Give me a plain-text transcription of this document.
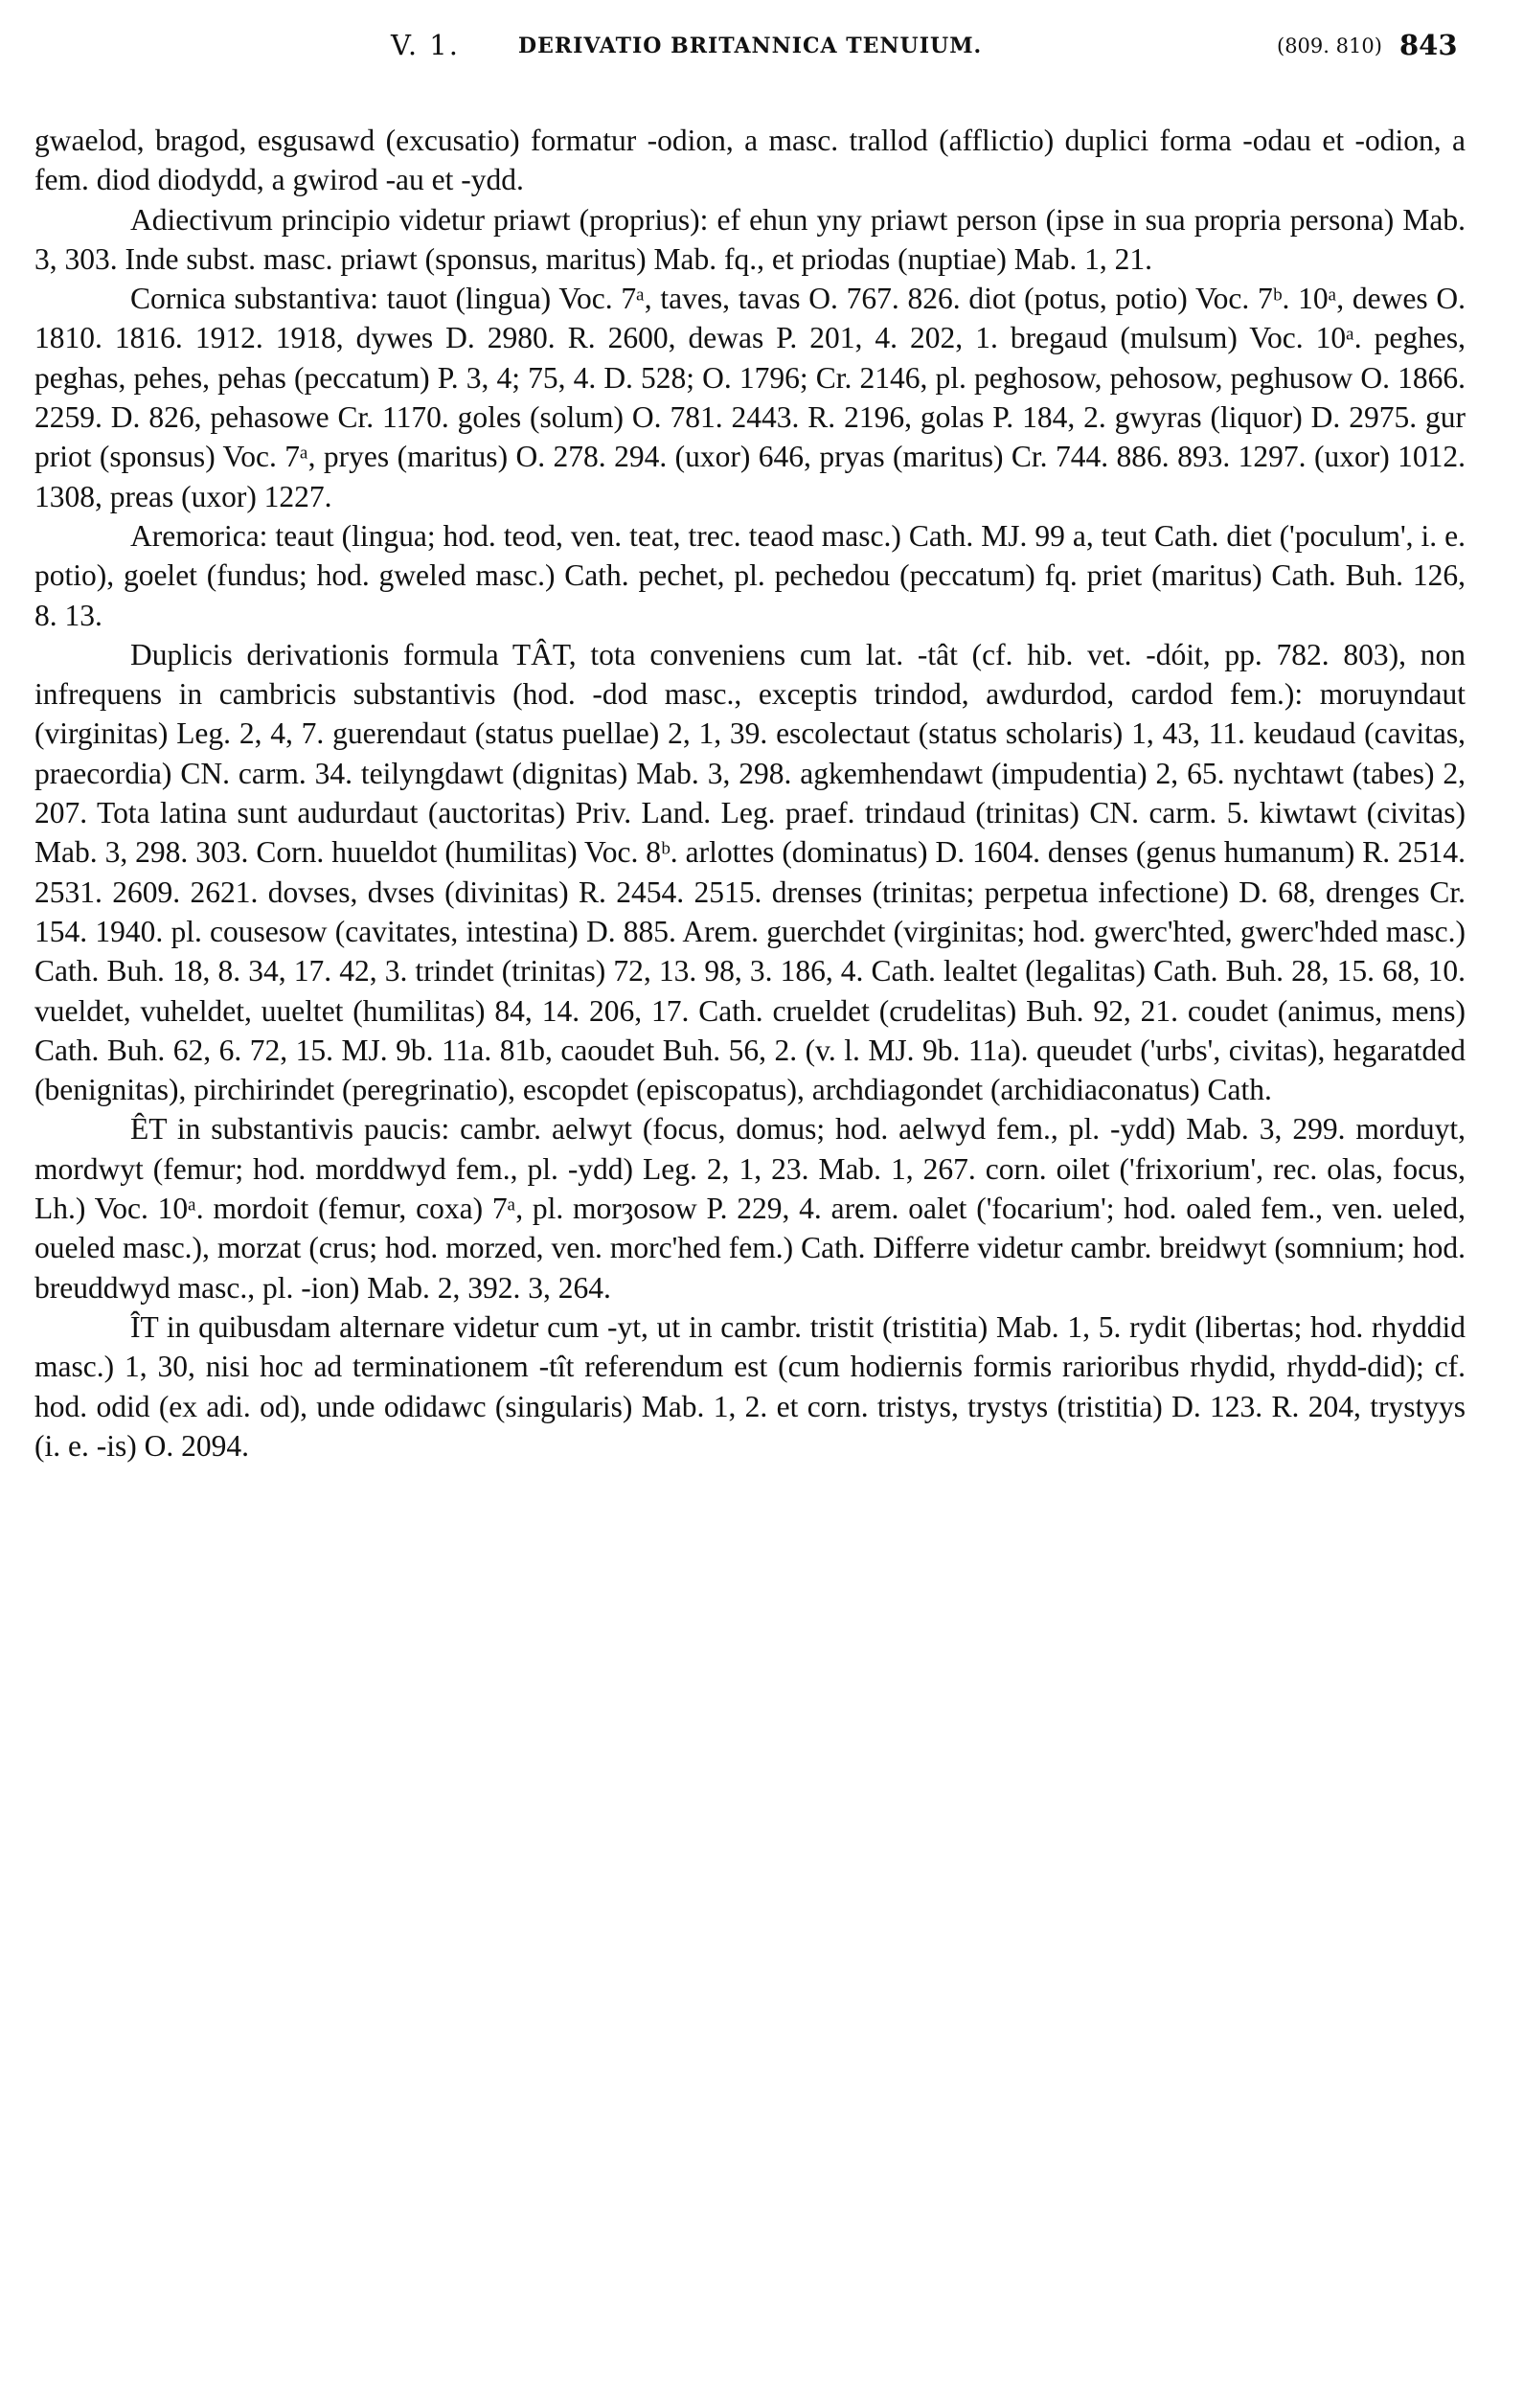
V. 1.	DERIVATIO BRITANNICA TENUIUM.	(809. 810) 843

gwaelod, bragod, esgusawd (excusatio) formatur -odion, a masc. trallod (afflictio) duplici forma -odau et -odion, a fem. diod diodydd, a gwirod -au et -ydd.

Adiectivum principio videtur priawt (proprius): ef ehun yny priawt person (ipse in sua propria persona) Mab. 3, 303. Inde subst. masc. priawt (sponsus, maritus) Mab. fq., et priodas (nuptiae) Mab. 1, 21.

Cornica substantiva: tauot (lingua) Voc. 7ᵃ, taves, tavas O. 767. 826. diot (potus, potio) Voc. 7ᵇ. 10ᵃ, dewes O. 1810. 1816. 1912. 1918, dywes D. 2980. R. 2600, dewas P. 201, 4. 202, 1. bregaud (mulsum) Voc. 10ᵃ. peghes, peghas, pehes, pehas (peccatum) P. 3, 4; 75, 4. D. 528; O. 1796; Cr. 2146, pl. peghosow, pehosow, peghusow O. 1866. 2259. D. 826, pehasowe Cr. 1170. goles (solum) O. 781. 2443. R. 2196, golas P. 184, 2. gwyras (liquor) D. 2975. gur priot (sponsus) Voc. 7ᵃ, pryes (maritus) O. 278. 294. (uxor) 646, pryas (maritus) Cr. 744. 886. 893. 1297. (uxor) 1012. 1308, preas (uxor) 1227.

Aremorica: teaut (lingua; hod. teod, ven. teat, trec. teaod masc.) Cath. MJ. 99 a, teut Cath. diet ('poculum', i. e. potio), goelet (fundus; hod. gweled masc.) Cath. pechet, pl. pechedou (peccatum) fq. priet (maritus) Cath. Buh. 126, 8. 13.

Duplicis derivationis formula TÂT, tota conveniens cum lat. -tât (cf. hib. vet. -dóit, pp. 782. 803), non infrequens in cambricis substantivis (hod. -dod masc., exceptis trindod, awdurdod, cardod fem.): moruyndaut (virginitas) Leg. 2, 4, 7. guerendaut (status puellae) 2, 1, 39. escolectaut (status scholaris) 1, 43, 11. keudaud (cavitas, praecordia) CN. carm. 34. teilyngdawt (dignitas) Mab. 3, 298. agkemhendawt (impudentia) 2, 65. nychtawt (tabes) 2, 207. Tota latina sunt audurdaut (auctoritas) Priv. Land. Leg. praef. trindaud (trinitas) CN. carm. 5. kiwtawt (civitas) Mab. 3, 298. 303. Corn. huueldot (humilitas) Voc. 8ᵇ. arlottes (dominatus) D. 1604. denses (genus humanum) R. 2514. 2531. 2609. 2621. dovses, dvses (divinitas) R. 2454. 2515. drenses (trinitas; perpetua infectione) D. 68, drenges Cr. 154. 1940. pl. cousesow (cavitates, intestina) D. 885. Arem. guerchdet (virginitas; hod. gwerc'hted, gwerc'hded masc.) Cath. Buh. 18, 8. 34, 17. 42, 3. trindet (trinitas) 72, 13. 98, 3. 186, 4. Cath. lealtet (legalitas) Cath. Buh. 28, 15. 68, 10. vueldet, vuheldet, uueltet (humilitas) 84, 14. 206, 17. Cath. crueldet (crudelitas) Buh. 92, 21. coudet (animus, mens) Cath. Buh. 62, 6. 72, 15. MJ. 9b. 11a. 81b, caoudet Buh. 56, 2. (v. l. MJ. 9b. 11a). queudet ('urbs', civitas), hegaratded (benignitas), pirchirindet (peregrinatio), escopdet (episcopatus), archdiagondet (archidiaconatus) Cath.

ÊT in substantivis paucis: cambr. aelwyt (focus, domus; hod. aelwyd fem., pl. -ydd) Mab. 3, 299. morduyt, mordwyt (femur; hod. morddwyd fem., pl. -ydd) Leg. 2, 1, 23. Mab. 1, 267. corn. oilet ('frixorium', rec. olas, focus, Lh.) Voc. 10ᵃ. mordoit (femur, coxa) 7ᵃ, pl. morȝosow P. 229, 4. arem. oalet ('focarium'; hod. oaled fem., ven. ueled, oueled masc.), morzat (crus; hod. morzed, ven. morc'hed fem.) Cath. Differre videtur cambr. breidwyt (somnium; hod. breuddwyd masc., pl. -ion) Mab. 2, 392. 3, 264.

ÎT in quibusdam alternare videtur cum -yt, ut in cambr. tristit (tristitia) Mab. 1, 5. rydit (libertas; hod. rhyddid masc.) 1, 30, nisi hoc ad terminationem -tît referendum est (cum hodiernis formis rarioribus rhydid, rhydd-did); cf. hod. odid (ex adi. od), unde odidawc (singularis) Mab. 1, 2. et corn. tristys, trystys (tristitia) D. 123. R. 204, trystyys (i. e. -is) O. 2094.
